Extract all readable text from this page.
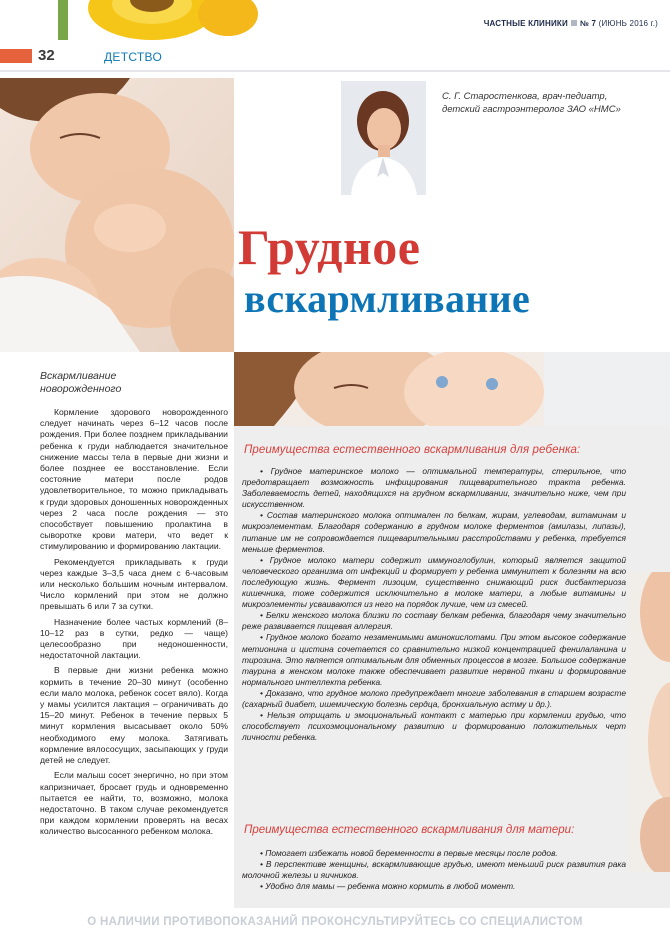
ЧАСТНЫЕ КЛИНИКИ № 7 (ИЮНЬ 2016 г.)
32	ДЕТСТВО
С. Г. Старостенкова, врач-педиатр,
детский гастроэнтеролог ЗАО «НМС»
Грудное
вскармливание
Вскармливание
новорожденного

Кормление здорового новорожденного следует начинать через 6–12 часов после рождения. При более позднем прикладывании ребенка к груди наблюдается значительное снижение массы тела в первые дни жизни и более позднее ее восстановление. Если состояние матери после родов удовлетворительное, то можно прикладывать к груди здоровых доношенных новорожденных через 2 часа после рождения — это способствует повышению пролактина в сыворотке крови матери, что ведет к стимулированию и формированию лактации.

Рекомендуется прикладывать к груди через каждые 3–3,5 часа днем с 6-часовым или несколько большим ночным интервалом. Число кормлений при этом не должно превышать 6 или 7 за сутки.

Назначение более частых кормлений (8–10–12 раз в сутки, редко — чаще) целесообразно при недоношенности, недостаточной лактации.

В первые дни жизни ребенка можно кормить в течение 20–30 минут (особенно если мало молока, ребенок сосет вяло). Когда у мамы усилится лактация – ограничивать до 15–20 минут. Ребенок в течение первых 5 минут кормления высасывает около 50% необходимого ему молока. Затягивать кормление вялососущих, засыпающих у груди детей не следует.

Если малыш сосет энергично, но при этом капризничает, бросает грудь и одновременно пытается ее найти, то, возможно, молока недостаточно. В таком случае рекомендуется при каждом кормлении проверять на весах количество высосанного ребенком молока.

Преимущества естественного вскармливания для ребенка:

• Грудное материнское молоко — оптимальной температуры, стерильное, что предотвращает возможность инфицирования пищеварительного тракта ребенка. Заболеваемость детей, находящихся на грудном вскармливании, значительно ниже, чем при искусственном.

• Состав материнского молока оптимален по белкам, жирам, углеводам, витаминам и микроэлементам. Благодаря содержанию в грудном молоке ферментов (амилазы, липазы), питание им не сопровождается пищеварительными расстройствами у ребенка, требуется меньше ферментов.

• Грудное молоко матери содержит иммуноглобулин, который является защитой человеческого организма от инфекций и формирует у ребенка иммунитет к болезням на всю последующую жизнь. Фермент лизоцим, существенно снижающий риск дисбактериоза кишечника, тоже содержится исключительно в молоке матери, а любые витамины и микроэлементы усваиваются из него на порядок лучше, чем из смесей.

• Белки женского молока близки по составу белкам ребенка, благодаря чему значительно реже развивается пищевая аллергия.

• Грудное молоко богато незаменимыми аминокислотами. При этом высокое содержание метионина и цистина сочетается со сравнительно низкой концентрацией фенилаланина и тирозина. Это является оптимальным для обменных процессов в мозге. Большое содержание таурина в женском молоке также обеспечивает развитие нервной ткани и формирование нормального интеллекта ребенка.

• Доказано, что грудное молоко предупреждает многие заболевания в старшем возрасте (сахарный диабет, ишемическую болезнь сердца, бронхиальную астму и др.).

• Нельзя отрицать и эмоциональный контакт с матерью при кормлении грудью, что способствует психоэмоциональному развитию и формированию положительных черт личности ребенка.

Преимущества естественного вскармливания для матери:

• Помогает избежать новой беременности в первые месяцы после родов.

• В перспективе женщины, вскармливающие грудью, имеют меньший риск развития рака молочной железы и яичников.

• Удобно для мамы — ребенка можно кормить в любой момент.

О НАЛИЧИИ ПРОТИВОПОКАЗАНИЙ ПРОКОНСУЛЬТИРУЙТЕСЬ СО СПЕЦИАЛИСТОМ
